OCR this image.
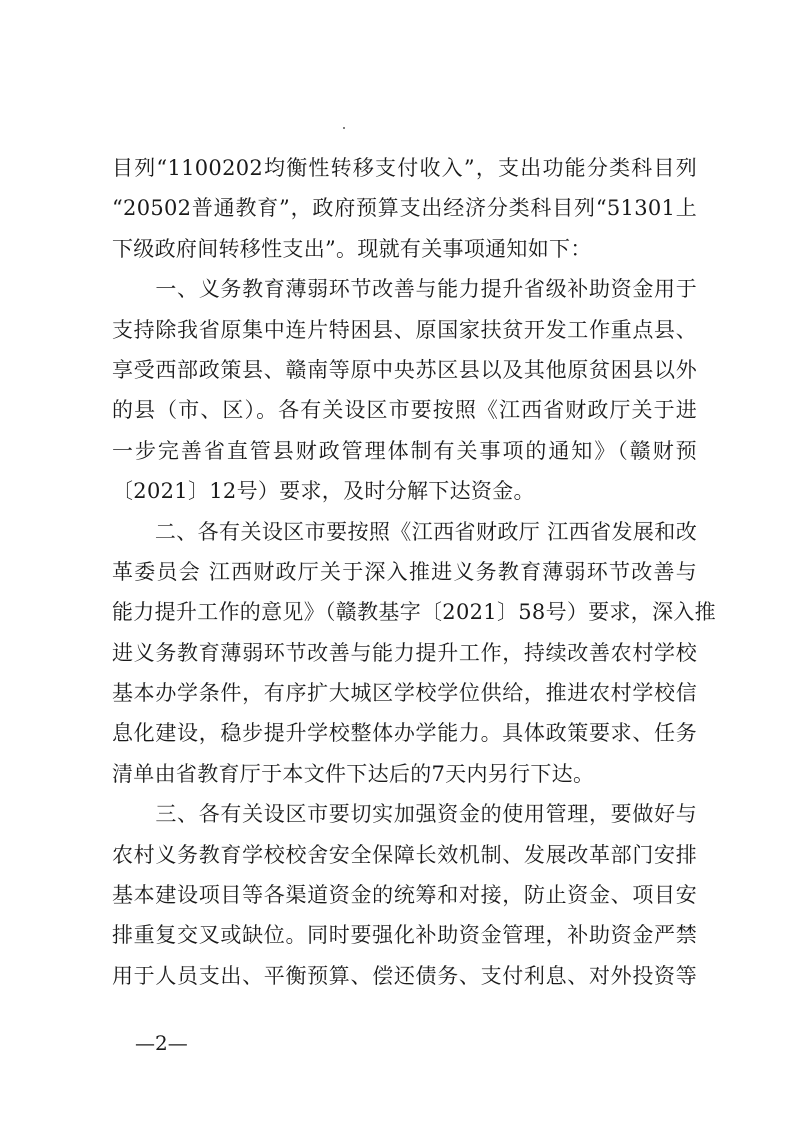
目列“1100202均衡性转移支付收入”，支出功能分类科目列
“20502普通教育”，政府预算支出经济分类科目列“51301上
下级政府间转移性支出”。现就有关事项通知如下：
　　一、义务教育薄弱环节改善与能力提升省级补助资金用于
支持除我省原集中连片特困县、原国家扶贫开发工作重点县、
享受西部政策县、赣南等原中央苏区县以及其他原贫困县以外
的县（市、区）。各有关设区市要按照《江西省财政厅关于进
一步完善省直管县财政管理体制有关事项的通知》（赣财预
〔2021〕12号）要求，及时分解下达资金。
　　二、各有关设区市要按照《江西省财政厅 江西省发展和改
革委员会 江西财政厅关于深入推进义务教育薄弱环节改善与
能力提升工作的意见》（赣教基字〔2021〕58号）要求，深入推
进义务教育薄弱环节改善与能力提升工作，持续改善农村学校
基本办学条件，有序扩大城区学校学位供给，推进农村学校信
息化建设，稳步提升学校整体办学能力。具体政策要求、任务
清单由省教育厅于本文件下达后的7天内另行下达。
　　三、各有关设区市要切实加强资金的使用管理，要做好与
农村义务教育学校校舍安全保障长效机制、发展改革部门安排
基本建设项目等各渠道资金的统筹和对接，防止资金、项目安
排重复交叉或缺位。同时要强化补助资金管理，补助资金严禁
用于人员支出、平衡预算、偿还债务、支付利息、对外投资等
—2—
